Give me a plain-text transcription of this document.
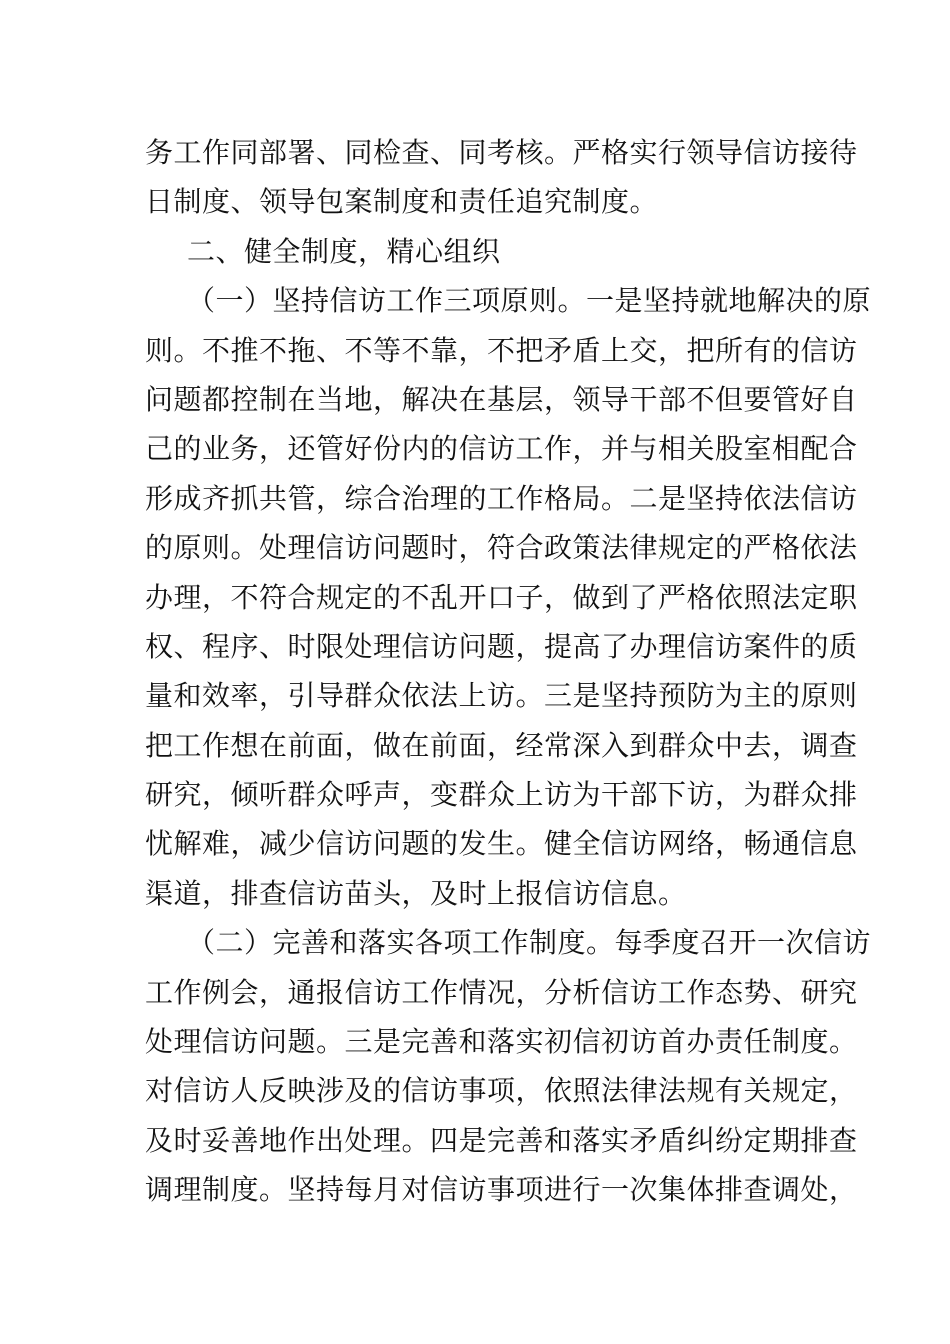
务工作同部署、同检查、同考核。严格实行领导信访接待
日制度、领导包案制度和责任追究制度。
二、健全制度，精心组织
（一）坚持信访工作三项原则。一是坚持就地解决的原
则。不推不拖、不等不靠，不把矛盾上交，把所有的信访
问题都控制在当地，解决在基层，领导干部不但要管好自
己的业务，还管好份内的信访工作，并与相关股室相配合
形成齐抓共管，综合治理的工作格局。二是坚持依法信访
的原则。处理信访问题时，符合政策法律规定的严格依法
办理，不符合规定的不乱开口子，做到了严格依照法定职
权、程序、时限处理信访问题，提高了办理信访案件的质
量和效率，引导群众依法上访。三是坚持预防为主的原则
把工作想在前面，做在前面，经常深入到群众中去，调查
研究，倾听群众呼声，变群众上访为干部下访，为群众排
忧解难，减少信访问题的发生。健全信访网络，畅通信息
渠道，排查信访苗头，及时上报信访信息。
（二）完善和落实各项工作制度。每季度召开一次信访
工作例会，通报信访工作情况，分析信访工作态势、研究
处理信访问题。三是完善和落实初信初访首办责任制度。
对信访人反映涉及的信访事项，依照法律法规有关规定，
及时妥善地作出处理。四是完善和落实矛盾纠纷定期排查
调理制度。坚持每月对信访事项进行一次集体排查调处，
